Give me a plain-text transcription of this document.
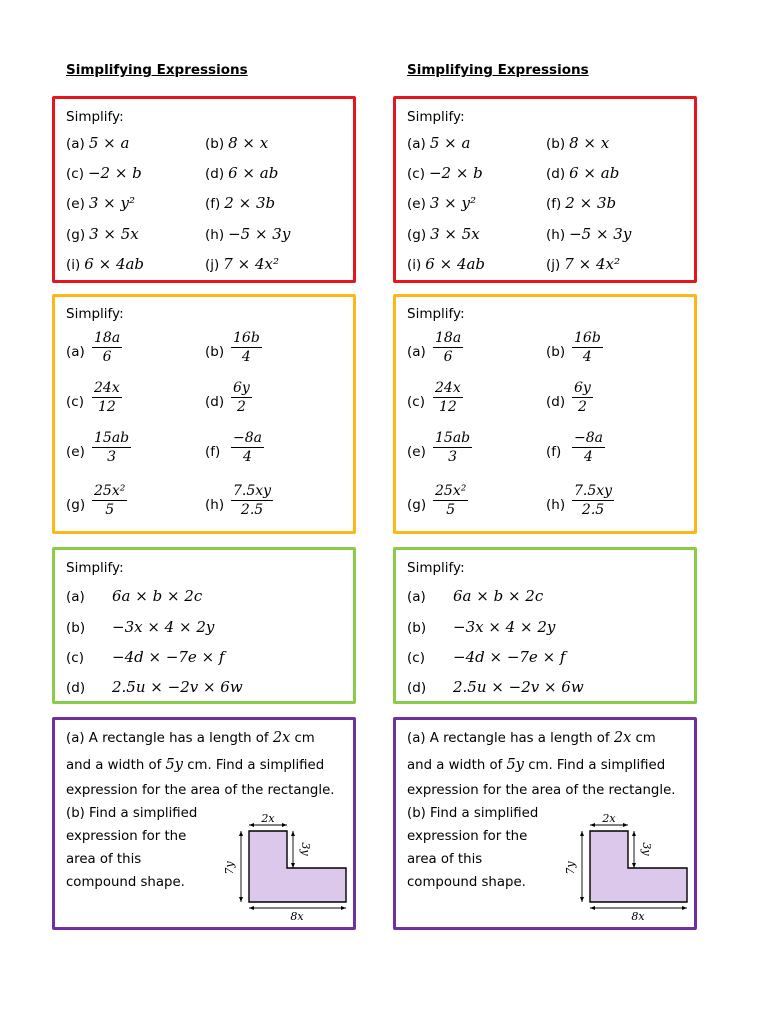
Simplifying Expressions
Simplify:
(a) 5 × a	(b) 8 × x
(c) −2 × b	(d) 6 × ab
(e) 3 × y²	(f) 2 × 3b
(g) 3 × 5x	(h) −5 × 3y
(i) 6 × 4ab	(j) 7 × 4x²
Simplify:
$(a) \frac{18a}{6}$	$(b) \frac{16b}{4}$
$(c) \frac{24x}{12}$	$(d) \frac{6y}{2}$
$(e) \frac{15ab}{3}$	$(f) \frac{-8a}{4}$
$(g) \frac{\text{25x²}}{5}$	$(h) \frac{7.5xy}{2.5}$
Simplify:
(a) 6a × b × 2c
(b) −3x × 4 × 2y
(c) −4d × −7e × f
(d) 2.5u × −2v × 6w
(a) A rectangle has a length of 2x cm
and a width of 5y cm. Find a simplified
expression for the area of the rectangle.
(b) Find a simplified
expression for the
area of this
compound shape.
2x
7y
3y
8x
Simplifying Expressions
Simplify:
(a) 5 × a	(b) 8 × x
(c) −2 × b	(d) 6 × ab
(e) 3 × y²	(f) 2 × 3b
(g) 3 × 5x	(h) −5 × 3y
(i) 6 × 4ab	(j) 7 × 4x²
Simplify:
$(a) \frac{18a}{6}$	$(b) \frac{16b}{4}$
$(c) \frac{24x}{12}$	$(d) \frac{6y}{2}$
$(e) \frac{15ab}{3}$	$(f) \frac{-8a}{4}$
$(g) \frac{\text{25x²}}{5}$	$(h) \frac{7.5xy}{2.5}$
Simplify:
(a) 6a × b × 2c
(b) −3x × 4 × 2y
(c) −4d × −7e × f
(d) 2.5u × −2v × 6w
(a) A rectangle has a length of 2x cm
and a width of 5y cm. Find a simplified
expression for the area of the rectangle.
(b) Find a simplified
expression for the
area of this
compound shape.
2x
7y
3y
8x
